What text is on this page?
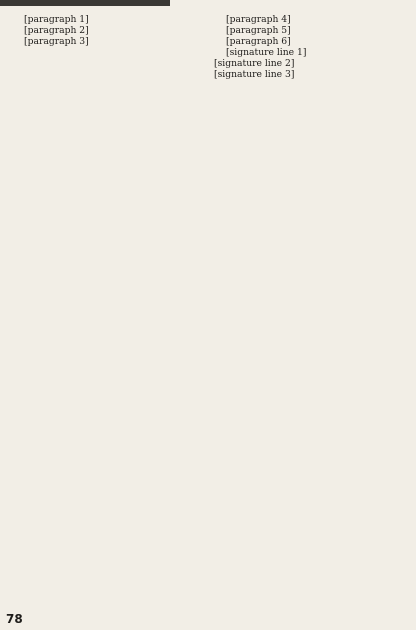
[paragraph 1]

[paragraph 2]

[paragraph 3]

[paragraph 4]

[paragraph 5]

[paragraph 6]

[signature line 1]
[signature line 2]
[signature line 3]

78
